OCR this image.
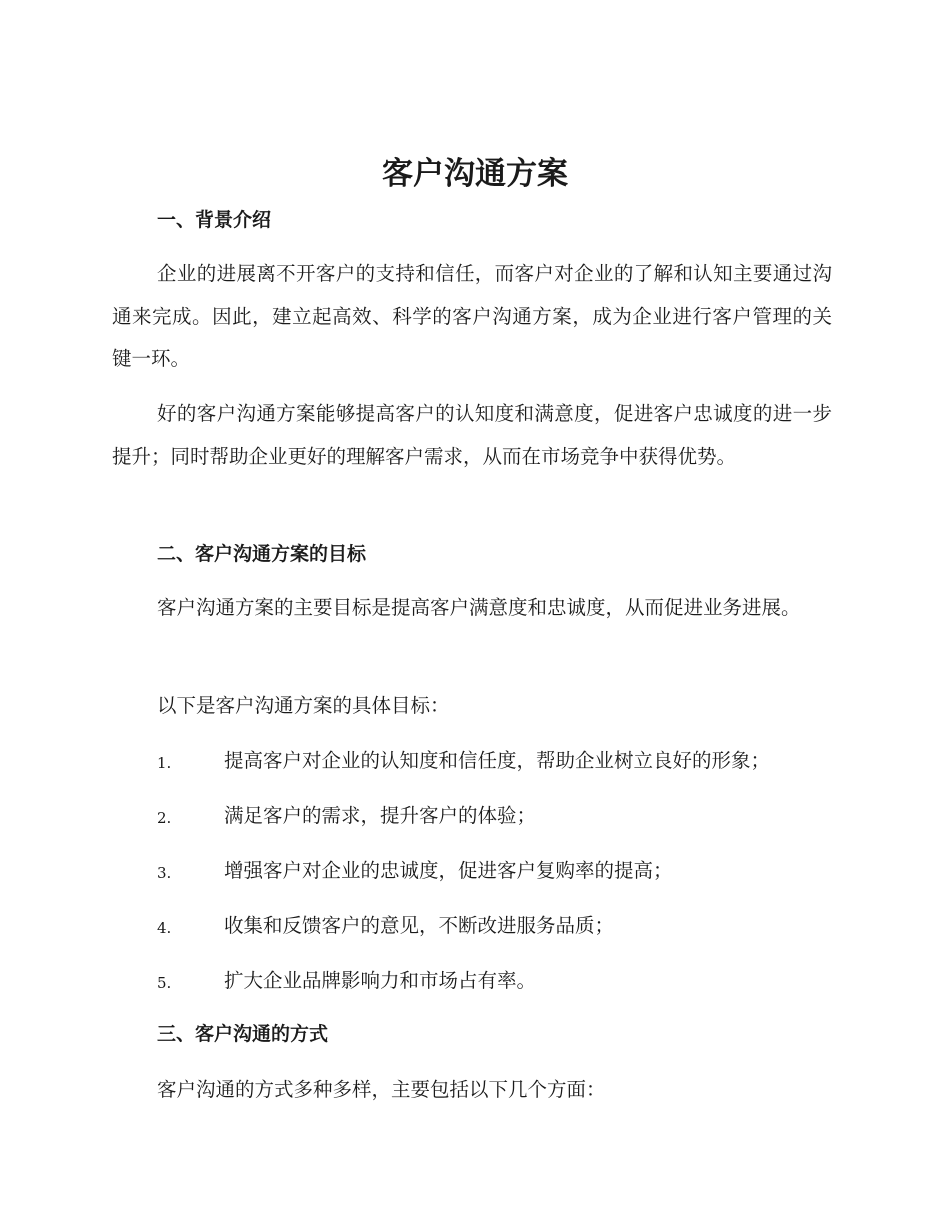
客户沟通方案
一、背景介绍

企业的进展离不开客户的支持和信任，而客户对企业的了解和认知主要通过沟通来完成。因此，建立起高效、科学的客户沟通方案，成为企业进行客户管理的关键一环。

好的客户沟通方案能够提高客户的认知度和满意度，促进客户忠诚度的进一步提升；同时帮助企业更好的理解客户需求，从而在市场竞争中获得优势。

二、客户沟通方案的目标

客户沟通方案的主要目标是提高客户满意度和忠诚度，从而促进业务进展。

以下是客户沟通方案的具体目标：

1.	提高客户对企业的认知度和信任度，帮助企业树立良好的形象；
2.	满足客户的需求，提升客户的体验；
3.	增强客户对企业的忠诚度，促进客户复购率的提高；
4.	收集和反馈客户的意见，不断改进服务品质；
5.	扩大企业品牌影响力和市场占有率。
三、客户沟通的方式

客户沟通的方式多种多样，主要包括以下几个方面：
